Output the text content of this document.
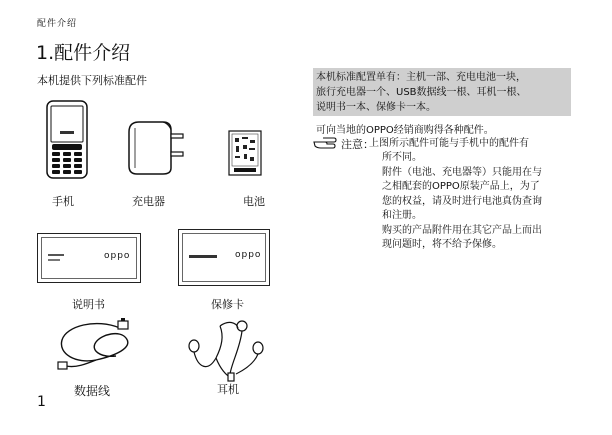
配件介绍
1.配件介绍
本机提供下列标准配件
手机	充电器	电池
oppo	oppo
说明书	保修卡
数据线	耳机
1
本机标准配置单有：主机一部、充电电池一块，
旅行充电器一个、USB数据线一根、耳机一根、
说明书一本、保修卡一本。
可向当地的OPPO经销商购得各种配件。
注意：
上图所示配件可能与手机中的配件有
所不同。
附件（电池、充电器等）只能用在与
之相配套的OPPO原装产品上，为了
您的权益，请及时进行电池真伪查询
和注册。
购买的产品附件用在其它产品上而出
现问题时，将不给予保修。
